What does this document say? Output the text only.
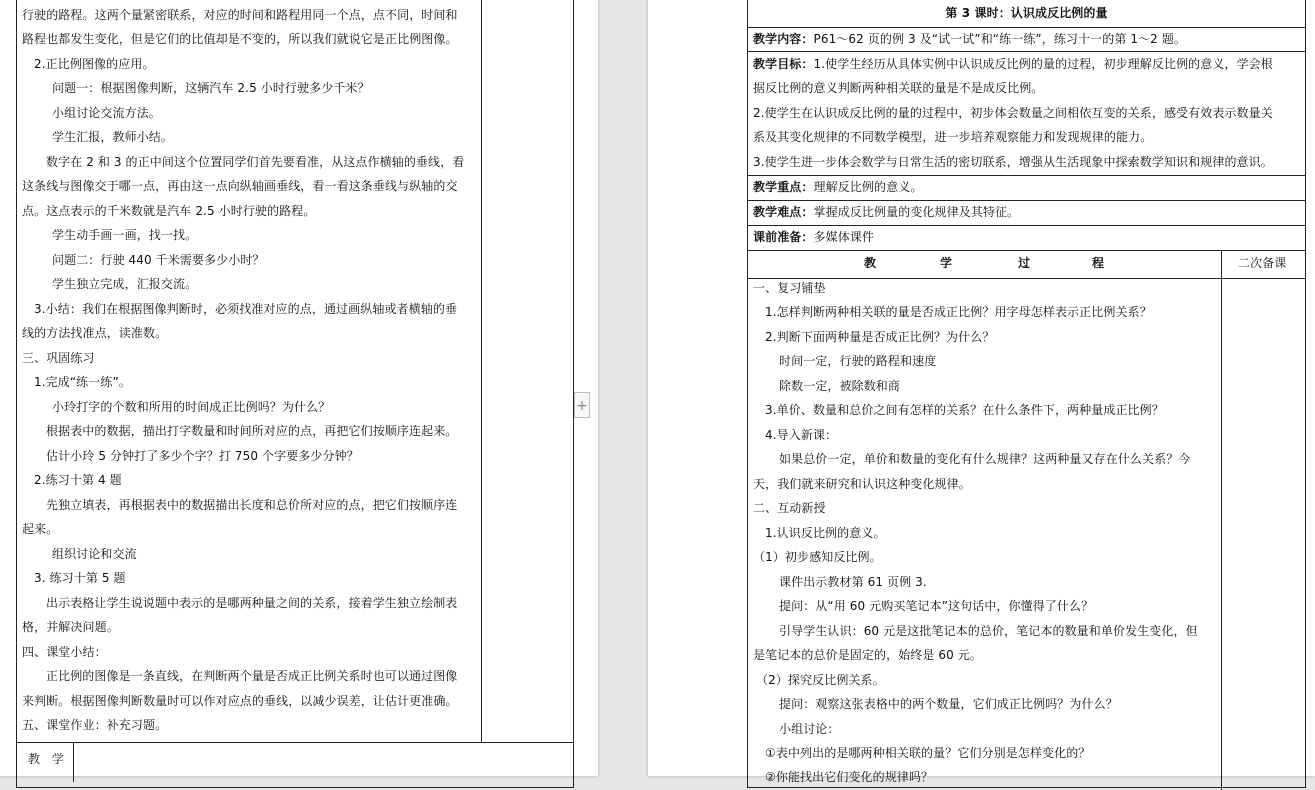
行驶的路程。这两个量紧密联系，对应的时间和路程用同一个点，点不同，时间和
路程也都发生变化，但是它们的比值却是不变的，所以我们就说它是正比例图像。
2.正比例图像的应用。
问题一：根据图像判断，这辆汽车 2.5 小时行驶多少千米？
小组讨论交流方法。
学生汇报，教师小结。
数字在 2 和 3 的正中间这个位置同学们首先要看准，从这点作横轴的垂线，看
这条线与图像交于哪一点，再由这一点向纵轴画垂线，看一看这条垂线与纵轴的交
点。这点表示的千米数就是汽车 2.5 小时行驶的路程。
学生动手画一画，找一找。
问题二：行驶 440 千米需要多少小时？
学生独立完成，汇报交流。
3.小结：我们在根据图像判断时，必须找准对应的点，通过画纵轴或者横轴的垂
线的方法找准点，读准数。
三、巩固练习
1.完成“练一练”。
小玲打字的个数和所用的时间成正比例吗？为什么？
根据表中的数据，描出打字数量和时间所对应的点，再把它们按顺序连起来。
估计小玲 5 分钟打了多少个字？打 750 个字要多少分钟？
2.练习十第 4 题
先独立填表，再根据表中的数据描出长度和总价所对应的点，把它们按顺序连
起来。
组织讨论和交流
3. 练习十第 5 题
出示表格让学生说说题中表示的是哪两种量之间的关系，接着学生独立绘制表
格，并解决问题。
四、课堂小结：
正比例的图像是一条直线，在判断两个量是否成正比例关系时也可以通过图像
来判断。根据图像判断数量时可以作对应点的垂线，以减少误差，让估计更准确。
五、课堂作业：补充习题。
教 学
+
第 3 课时：认识成反比例的量
教学内容：P61～62 页的例 3 及“试一试”和“练一练”，练习十一的第 1～2 题。
教学目标：1.使学生经历从具体实例中认识成反比例的量的过程，初步理解反比例的意义，学会根
据反比例的意义判断两种相关联的量是不是成反比例。
2.使学生在认识成反比例的量的过程中，初步体会数量之间相依互变的关系，感受有效表示数量关
系及其变化规律的不同数学模型，进一步培养观察能力和发现规律的能力。
3.使学生进一步体会数学与日常生活的密切联系，增强从生活现象中探索数学知识和规律的意识。
教学重点：理解反比例的意义。
教学难点：掌握成反比例量的变化规律及其特征。
课前准备：多媒体课件
教	学	过	程	二次备课
一、复习铺垫
1.怎样判断两种相关联的量是否成正比例？用字母怎样表示正比例关系？
2.判断下面两种量是否成正比例？为什么？
时间一定，行驶的路程和速度
除数一定，被除数和商
3.单价、数量和总价之间有怎样的关系？在什么条件下，两种量成正比例？
4.导入新课：
如果总价一定，单价和数量的变化有什么规律？这两种量又存在什么关系？今
天，我们就来研究和认识这种变化规律。
二、互动新授
1.认识反比例的意义。
（1）初步感知反比例。
课件出示教材第 61 页例 3.
提问：从“用 60 元购买笔记本”这句话中，你懂得了什么？
引导学生认识：60 元是这批笔记本的总价，笔记本的数量和单价发生变化，但
是笔记本的总价是固定的，始终是 60 元。
（2）探究反比例关系。
提问：观察这张表格中的两个数量，它们成正比例吗？为什么？
小组讨论：
①表中列出的是哪两种相关联的量？它们分别是怎样变化的？
②你能找出它们变化的规律吗？
